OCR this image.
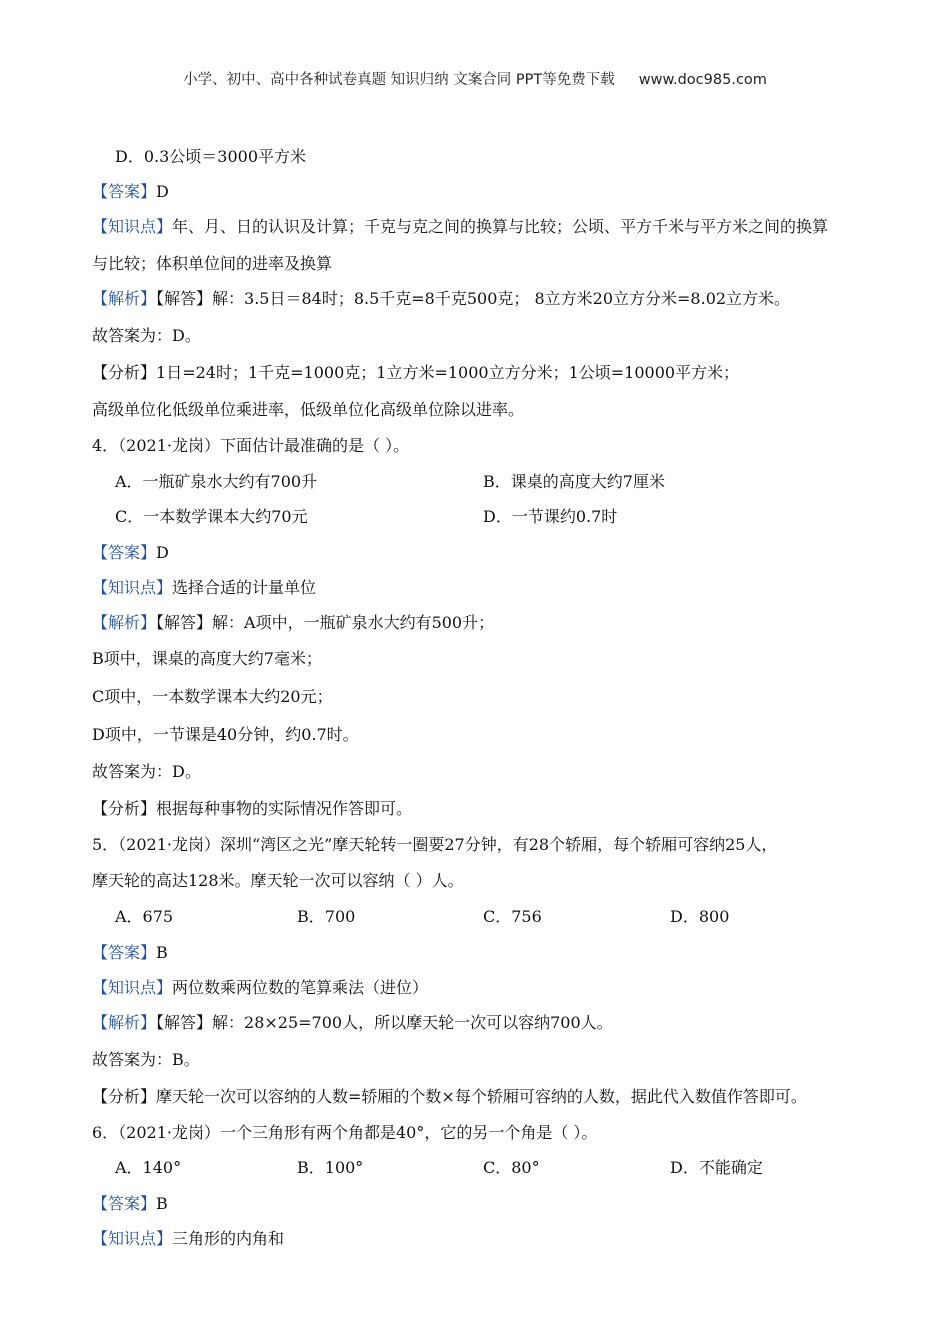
小学、初中、高中各种试卷真题 知识归纳 文案合同 PPT等免费下载 www.doc985.com
D．0.3公顷＝3000平方米
【答案】D
【知识点】年、月、日的认识及计算；千克与克之间的换算与比较；公顷、平方千米与平方米之间的换算
与比较；体积单位间的进率及换算
【解析】【解答】解：3.5日＝84时；8.5千克=8千克500克； 8立方米20立方分米=8.02立方米。
故答案为：D。
【分析】1日=24时；1千克=1000克；1立方米=1000立方分米；1公顷=10000平方米；
高级单位化低级单位乘进率，低级单位化高级单位除以进率。
4．（2021·龙岗）下面估计最准确的是（ ）。
A．一瓶矿泉水大约有700升	B．课桌的高度大约7厘米
C．一本数学课本大约70元	D．一节课约0.7时
【答案】D
【知识点】选择合适的计量单位
【解析】【解答】解：A项中，一瓶矿泉水大约有500升；
B项中，课桌的高度大约7毫米；
C项中，一本数学课本大约20元；
D项中，一节课是40分钟，约0.7时。
故答案为：D。
【分析】根据每种事物的实际情况作答即可。
5．（2021·龙岗）深圳“湾区之光”摩天轮转一圈要27分钟，有28个轿厢，每个轿厢可容纳25人，
摩天轮的高达128米。摩天轮一次可以容纳（ ）人。
A．675	B．700	C．756	D．800
【答案】B
【知识点】两位数乘两位数的笔算乘法（进位）
【解析】【解答】解：28×25=700人，所以摩天轮一次可以容纳700人。
故答案为：B。
【分析】摩天轮一次可以容纳的人数=轿厢的个数×每个轿厢可容纳的人数，据此代入数值作答即可。
6．（2021·龙岗）一个三角形有两个角都是40°，它的另一个角是（ ）。
A．140°	B．100°	C．80°	D．不能确定
【答案】B
【知识点】三角形的内角和
